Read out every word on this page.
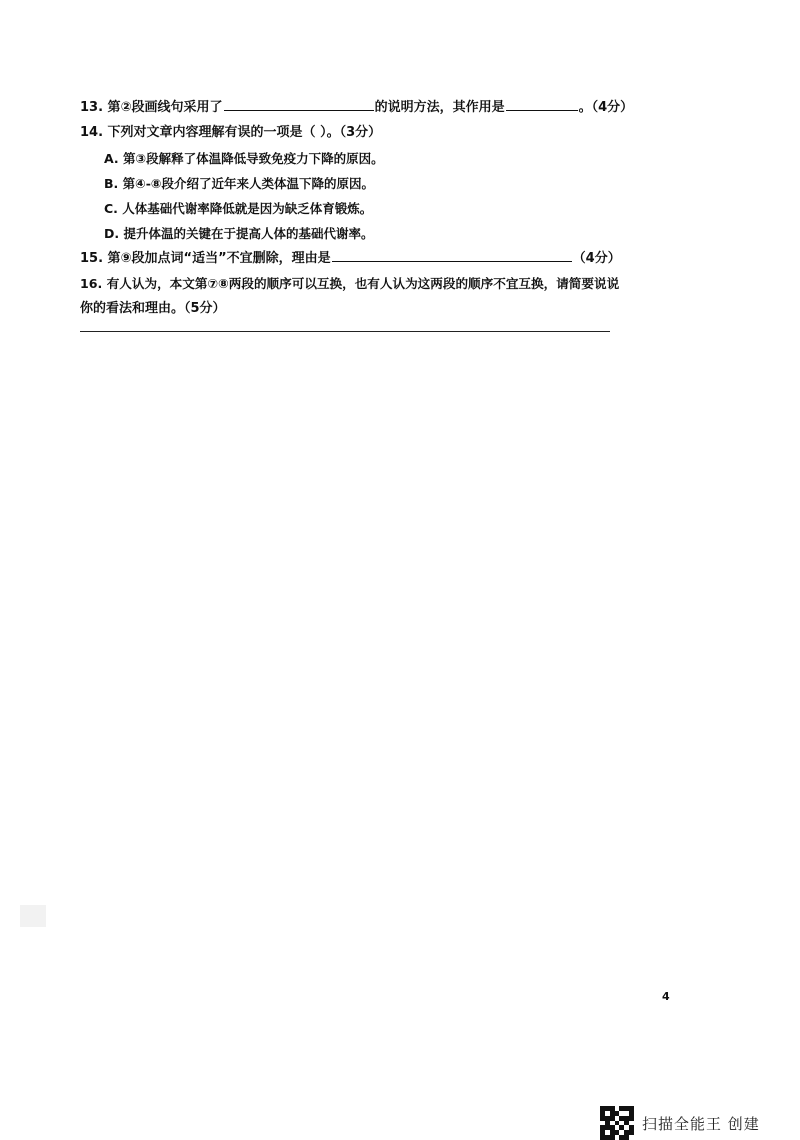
13. 第②段画线句采用了	的说明方法，其作用是	。（4分）
14. 下列对文章内容理解有误的一项是（ ）。（3分）
A. 第③段解释了体温降低导致免疫力下降的原因。
B. 第④-⑧段介绍了近年来人类体温下降的原因。
C. 人体基础代谢率降低就是因为缺乏体育锻炼。
D. 提升体温的关键在于提高人体的基础代谢率。
15. 第⑨段加点词“适当”不宜删除，理由是	（4分）
16. 有人认为，本文第⑦⑧两段的顺序可以互换，也有人认为这两段的顺序不宜互换，请简要说说
你的看法和理由。（5分）
4
扫描全能王 创建
